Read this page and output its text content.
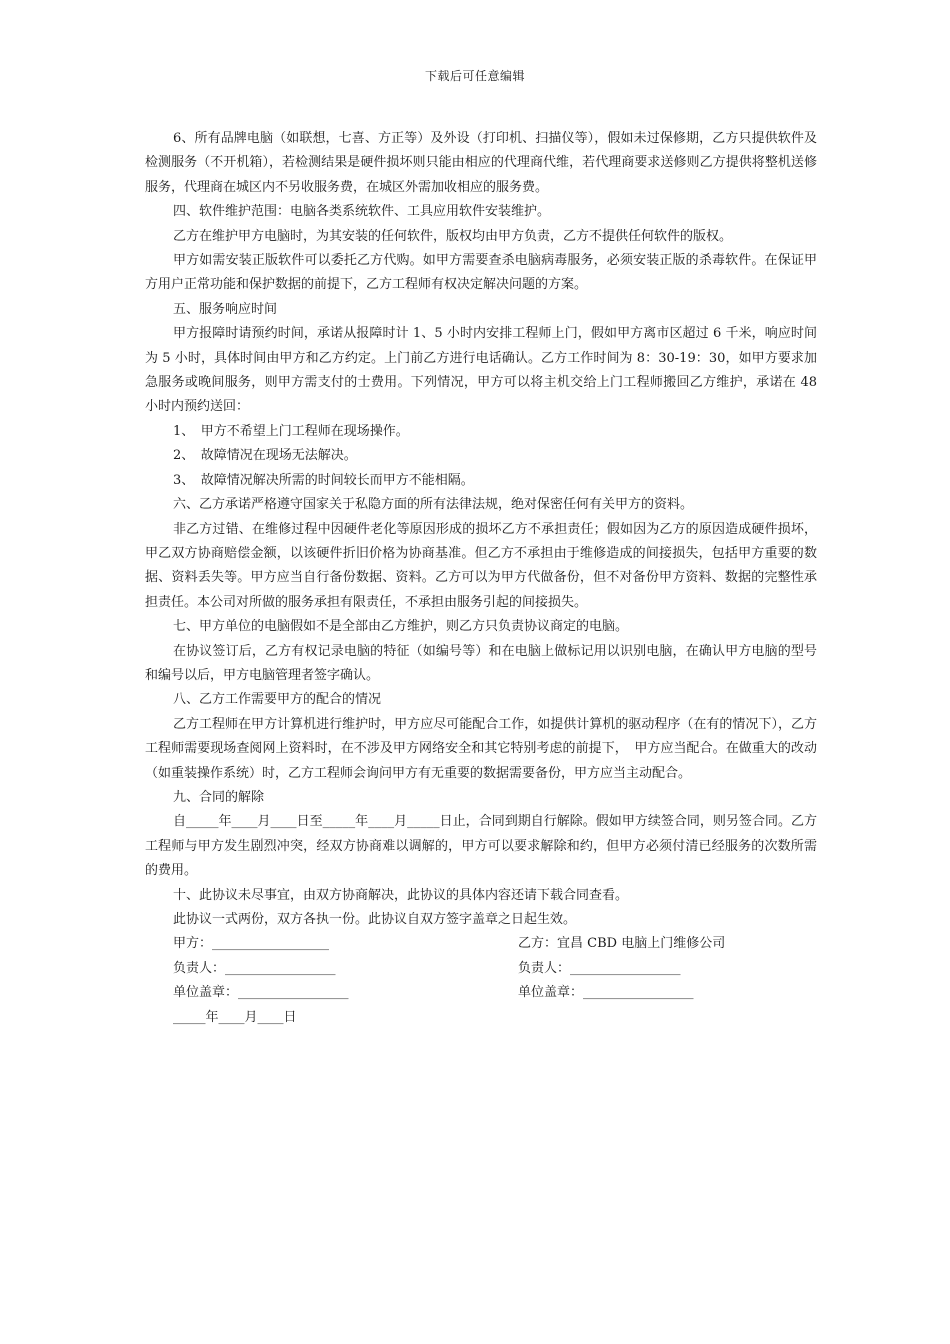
下载后可任意编辑

6、所有品牌电脑（如联想，七喜、方正等）及外设（打印机、扫描仪等），假如未过保修期，乙方只提供软件及检测服务（不开机箱），若检测结果是硬件损坏则只能由相应的代理商代维，若代理商要求送修则乙方提供将整机送修服务，代理商在城区内不另收服务费，在城区外需加收相应的服务费。

四、软件维护范围：电脑各类系统软件、工具应用软件安装维护。

乙方在维护甲方电脑时，为其安装的任何软件，版权均由甲方负责，乙方不提供任何软件的版权。

甲方如需安装正版软件可以委托乙方代购。如甲方需要查杀电脑病毒服务，必须安装正版的杀毒软件。在保证甲方用户正常功能和保护数据的前提下，乙方工程师有权决定解决问题的方案。

五、服务响应时间

甲方报障时请预约时间，承诺从报障时计 1、5 小时内安排工程师上门，假如甲方离市区超过 6 千米，响应时间为 5 小时，具体时间由甲方和乙方约定。上门前乙方进行电话确认。乙方工作时间为 8：30-19：30，如甲方要求加急服务或晚间服务，则甲方需支付的士费用。下列情况，甲方可以将主机交给上门工程师搬回乙方维护，承诺在 48 小时内预约送回：

1、　甲方不希望上门工程师在现场操作。

2、　故障情况在现场无法解决。

3、　故障情况解决所需的时间较长而甲方不能相隔。

六、乙方承诺严格遵守国家关于私隐方面的所有法律法规，绝对保密任何有关甲方的资料。

非乙方过错、在维修过程中因硬件老化等原因形成的损坏乙方不承担责任；假如因为乙方的原因造成硬件损坏，甲乙双方协商赔偿金额，以该硬件折旧价格为协商基准。但乙方不承担由于维修造成的间接损失，包括甲方重要的数据、资料丢失等。甲方应当自行备份数据、资料。乙方可以为甲方代做备份，但不对备份甲方资料、数据的完整性承担责任。本公司对所做的服务承担有限责任，不承担由服务引起的间接损失。

七、甲方单位的电脑假如不是全部由乙方维护，则乙方只负责协议商定的电脑。

在协议签订后，乙方有权记录电脑的特征（如编号等）和在电脑上做标记用以识别电脑，在确认甲方电脑的型号和编号以后，甲方电脑管理者签字确认。

八、乙方工作需要甲方的配合的情况

乙方工程师在甲方计算机进行维护时，甲方应尽可能配合工作，如提供计算机的驱动程序（在有的情况下），乙方工程师需要现场查阅网上资料时，在不涉及甲方网络安全和其它特别考虑的前提下，　甲方应当配合。在做重大的改动（如重装操作系统）时，乙方工程师会询问甲方有无重要的数据需要备份，甲方应当主动配合。

九、合同的解除

自_____年____月____日至_____年____月_____日止，合同到期自行解除。假如甲方续签合同，则另签合同。乙方工程师与甲方发生剧烈冲突，经双方协商难以调解的，甲方可以要求解除和约，但甲方必须付清已经服务的次数所需的费用。

十、此协议未尽事宜，由双方协商解决，此协议的具体内容还请下载合同查看。

此协议一式两份，双方各执一份。此协议自双方签字盖章之日起生效。

甲方：__________________	乙方：宜昌 CBD 电脑上门维修公司
负责人：_________________	负责人：_________________
单位盖章：_________________	单位盖章：_________________
_____年____月____日
